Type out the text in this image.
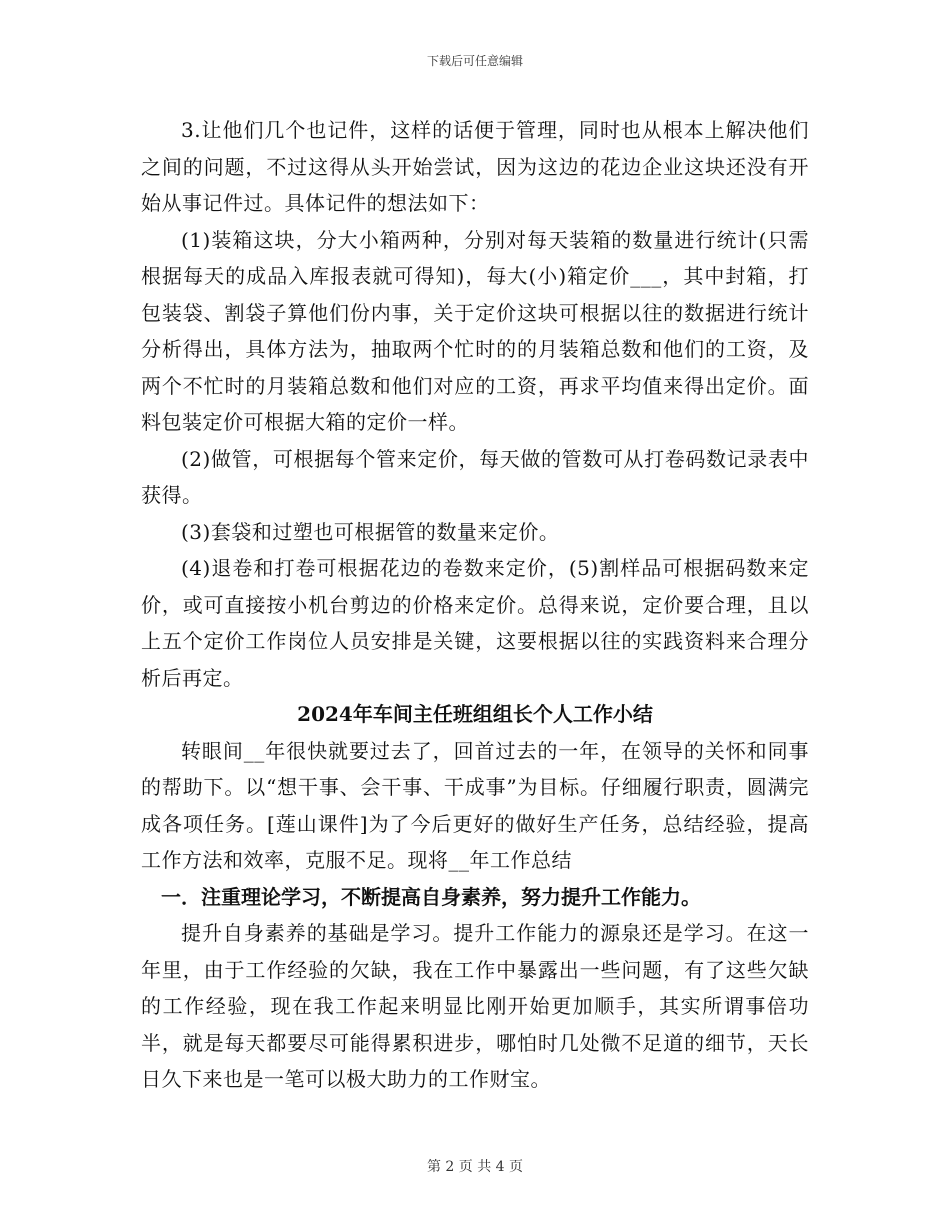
下载后可任意编辑

3.让他们几个也记件，这样的话便于管理，同时也从根本上解决他们之间的问题，不过这得从头开始尝试，因为这边的花边企业这块还没有开始从事记件过。具体记件的想法如下：

(1)装箱这块，分大小箱两种，分别对每天装箱的数量进行统计(只需根据每天的成品入库报表就可得知)，每大(小)箱定价___，其中封箱，打包装袋、割袋子算他们份内事，关于定价这块可根据以往的数据进行统计分析得出，具体方法为，抽取两个忙时的的月装箱总数和他们的工资，及两个不忙时的月装箱总数和他们对应的工资，再求平均值来得出定价。面料包装定价可根据大箱的定价一样。

(2)做管，可根据每个管来定价，每天做的管数可从打卷码数记录表中获得。

(3)套袋和过塑也可根据管的数量来定价。

(4)退卷和打卷可根据花边的卷数来定价，(5)割样品可根据码数来定价，或可直接按小机台剪边的价格来定价。总得来说，定价要合理，且以上五个定价工作岗位人员安排是关键，这要根据以往的实践资料来合理分析后再定。

2024年车间主任班组组长个人工作小结

转眼间__年很快就要过去了，回首过去的一年，在领导的关怀和同事的帮助下。以“想干事、会干事、干成事”为目标。仔细履行职责，圆满完成各项任务。[莲山课件]为了今后更好的做好生产任务，总结经验，提高工作方法和效率，克服不足。现将__年工作总结

一．注重理论学习，不断提高自身素养，努力提升工作能力。

提升自身素养的基础是学习。提升工作能力的源泉还是学习。在这一年里，由于工作经验的欠缺，我在工作中暴露出一些问题，有了这些欠缺的工作经验，现在我工作起来明显比刚开始更加顺手，其实所谓事倍功半，就是每天都要尽可能得累积进步，哪怕时几处微不足道的细节，天长日久下来也是一笔可以极大助力的工作财宝。

第 2 页 共 4 页
